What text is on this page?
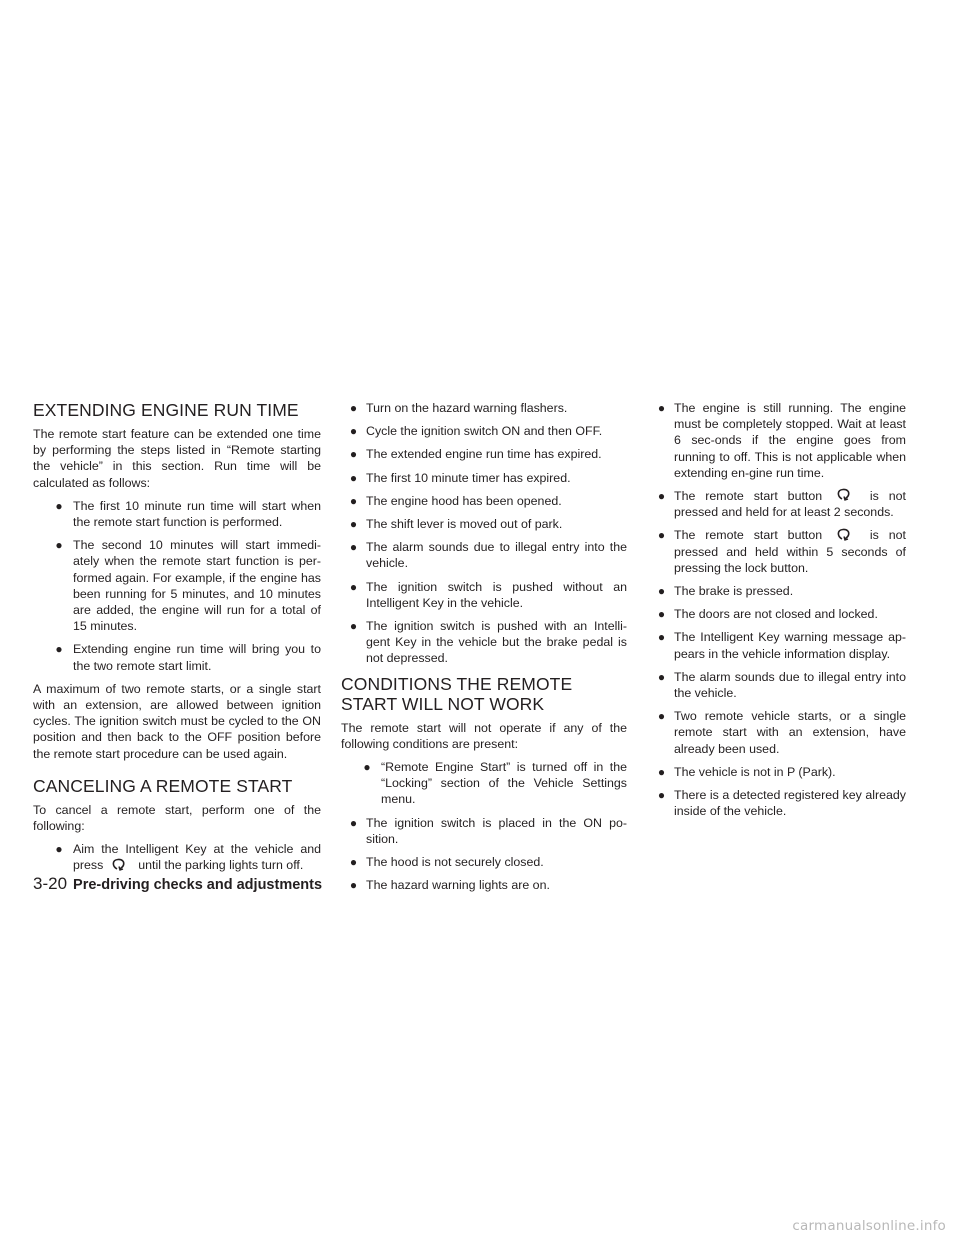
EXTENDING ENGINE RUN TIME

The remote start feature can be extended one time by performing the steps listed in “Remote starting the vehicle” in this section. Run time will be calculated as follows:

● The first 10 minute run time will start when the remote start function is performed.
● The second 10 minutes will start immedi-ately when the remote start function is per-formed again. For example, if the engine has been running for 5 minutes, and 10 minutes are added, the engine will run for a total of 15 minutes.
● Extending engine run time will bring you to the two remote start limit.

A maximum of two remote starts, or a single start with an extension, are allowed between ignition cycles. The ignition switch must be cycled to the ON position and then back to the OFF position before the remote start procedure can be used again.

CANCELING A REMOTE START

To cancel a remote start, perform one of the following:

● Aim the Intelligent Key at the vehicle and press	until the parking lights turn off.
● Turn on the hazard warning flashers.
● Cycle the ignition switch ON and then OFF.
● The extended engine run time has expired.
● The first 10 minute timer has expired.
● The engine hood has been opened.
● The shift lever is moved out of park.
● The alarm sounds due to illegal entry into the vehicle.
● The ignition switch is pushed without an Intelligent Key in the vehicle.
● The ignition switch is pushed with an Intelli-gent Key in the vehicle but the brake pedal is not depressed.
CONDITIONS THE REMOTE START WILL NOT WORK

The remote start will not operate if any of the following conditions are present:

● “Remote Engine Start” is turned off in the “Locking” section of the Vehicle Settings menu.
● The ignition switch is placed in the ON po-sition.
● The hood is not securely closed.
● The hazard warning lights are on.
● The engine is still running. The engine must be completely stopped. Wait at least 6 sec-onds if the engine goes from running to off. This is not applicable when extending en-gine run time.
● The remote start button	is not pressed and held for at least 2 seconds.
● The remote start button	is not pressed and held within 5 seconds of pressing the lock button.
● The brake is pressed.
● The doors are not closed and locked.
● The Intelligent Key warning message ap-pears in the vehicle information display.
● The alarm sounds due to illegal entry into the vehicle.
● Two remote vehicle starts, or a single remote start with an extension, have already been used.
● The vehicle is not in P (Park).
● There is a detected registered key already inside of the vehicle.
3-20 Pre-driving checks and adjustments
carmanualsonline.info
